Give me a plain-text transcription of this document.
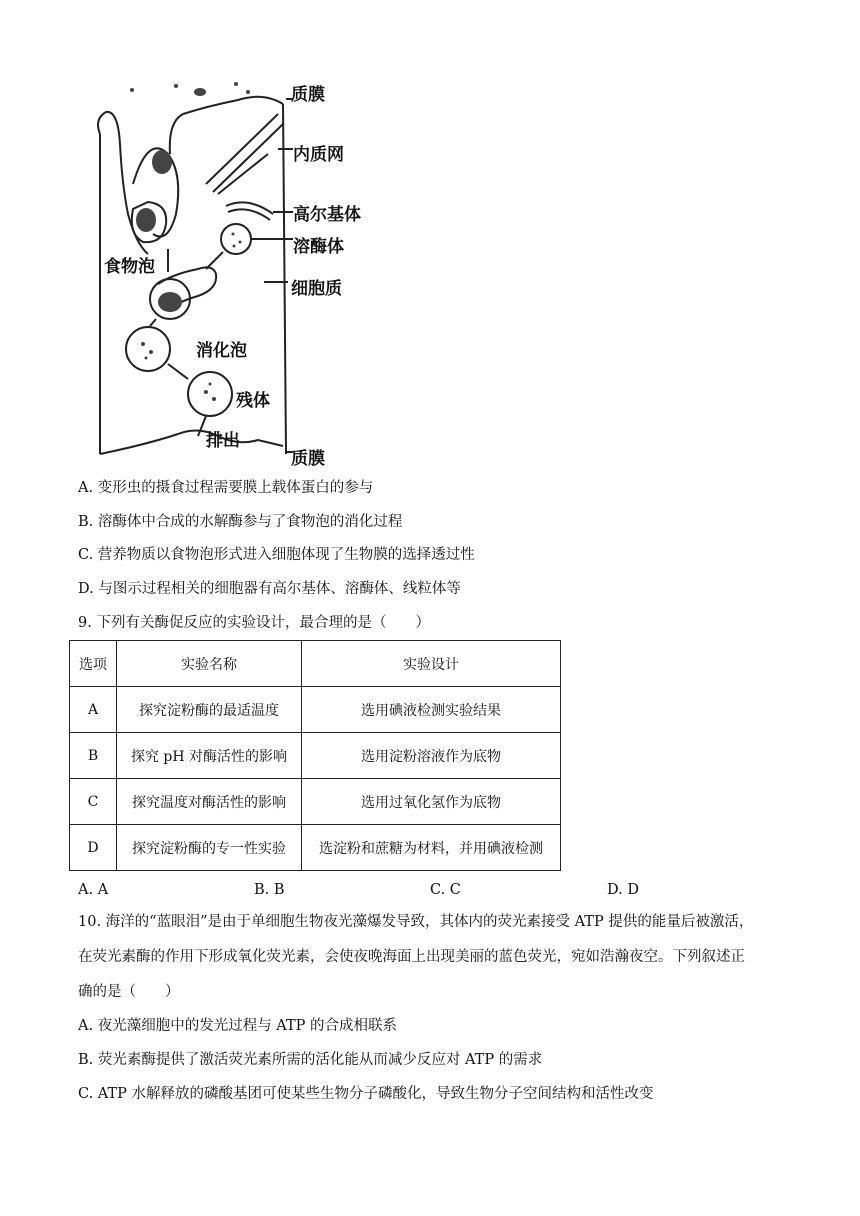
质膜
内质网
高尔基体
溶酶体
食物泡
细胞质
消化泡
残体
排出
质膜
A. 变形虫的摄食过程需要膜上载体蛋白的参与
B. 溶酶体中合成的水解酶参与了食物泡的消化过程
C. 营养物质以食物泡形式进入细胞体现了生物膜的选择透过性
D. 与图示过程相关的细胞器有高尔基体、溶酶体、线粒体等
9. 下列有关酶促反应的实验设计，最合理的是（　　）
选项	实验名称	实验设计
A	探究淀粉酶的最适温度	选用碘液检测实验结果
B	探究 pH 对酶活性的影响	选用淀粉溶液作为底物
C	探究温度对酶活性的影响	选用过氧化氢作为底物
D	探究淀粉酶的专一性实验	选淀粉和蔗糖为材料，并用碘液检测
A. A	B. B	C. C	D. D
10. 海洋的“蓝眼泪”是由于单细胞生物夜光藻爆发导致，其体内的荧光素接受 ATP 提供的能量后被激活，
在荧光素酶的作用下形成氧化荧光素，会使夜晚海面上出现美丽的蓝色荧光，宛如浩瀚夜空。下列叙述正
确的是（　　）
A. 夜光藻细胞中的发光过程与 ATP 的合成相联系
B. 荧光素酶提供了激活荧光素所需的活化能从而减少反应对 ATP 的需求
C. ATP 水解释放的磷酸基团可使某些生物分子磷酸化，导致生物分子空间结构和活性改变
